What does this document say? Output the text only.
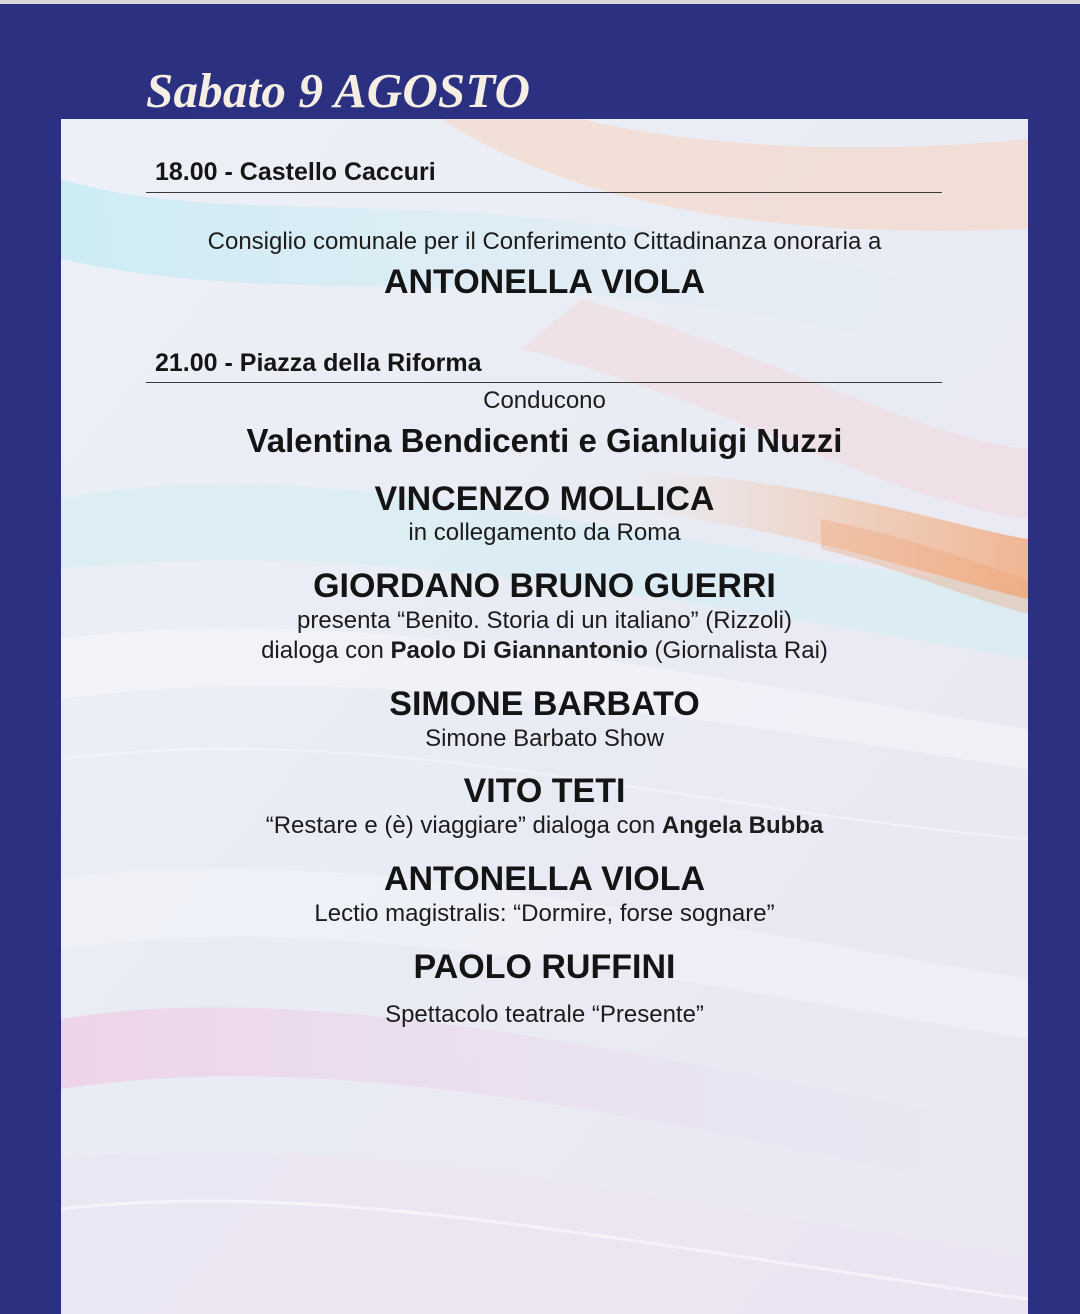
Sabato 9 AGOSTO
18.00 - Castello Caccuri
Consiglio comunale per il Conferimento Cittadinanza onoraria a
ANTONELLA VIOLA
21.00 - Piazza della Riforma
Conducono
Valentina Bendicenti e Gianluigi Nuzzi
VINCENZO MOLLICA
in collegamento da Roma
GIORDANO BRUNO GUERRI
presenta “Benito. Storia di un italiano” (Rizzoli)
dialoga con Paolo Di Giannantonio (Giornalista Rai)
SIMONE BARBATO
Simone Barbato Show
VITO TETI
“Restare e (è) viaggiare” dialoga con Angela Bubba
ANTONELLA VIOLA
Lectio magistralis: “Dormire, forse sognare”
PAOLO RUFFINI
Spettacolo teatrale “Presente”
